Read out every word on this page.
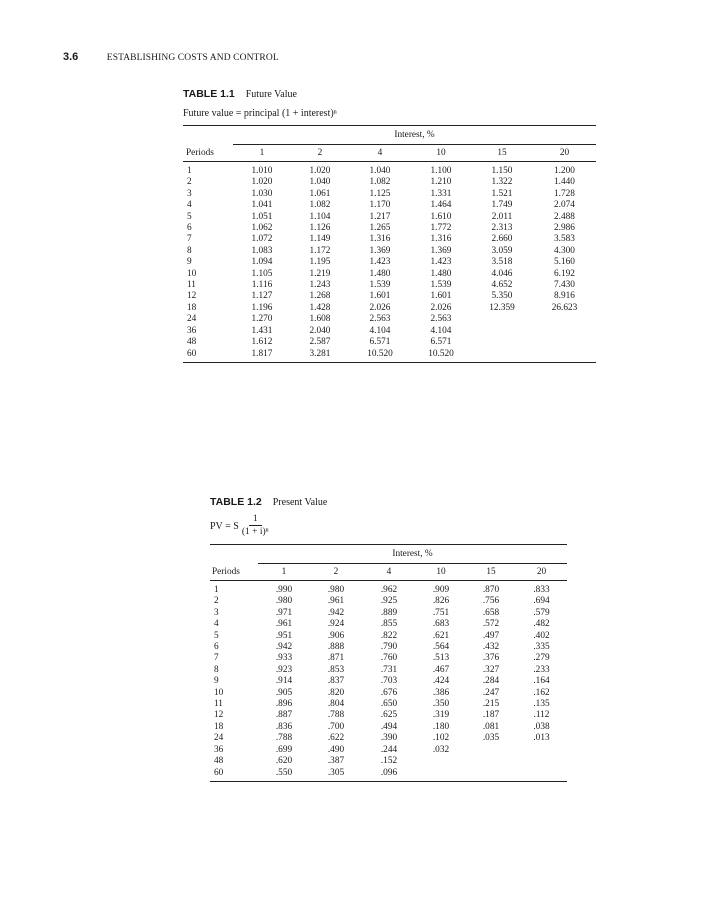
3.6	ESTABLISHING COSTS AND CONTROL
TABLE 1.1 Future Value
Future value = principal (1 + interest)ⁿ
	Interest, %					
Periods	1	2	4	10	15	20
1	1.010	1.020	1.040	1.100	1.150	1.200
2	1.020	1.040	1.082	1.210	1.322	1.440
3	1.030	1.061	1.125	1.331	1.521	1.728
4	1.041	1.082	1.170	1.464	1.749	2.074
5	1.051	1.104	1.217	1.610	2.011	2.488
6	1.062	1.126	1.265	1.772	2.313	2.986
7	1.072	1.149	1.316	1.316	2.660	3.583
8	1.083	1.172	1.369	1.369	3.059	4.300
9	1.094	1.195	1.423	1.423	3.518	5.160
10	1.105	1.219	1.480	1.480	4.046	6.192
11	1.116	1.243	1.539	1.539	4.652	7.430
12	1.127	1.268	1.601	1.601	5.350	8.916
18	1.196	1.428	2.026	2.026	12.359	26.623
24	1.270	1.608	2.563	2.563		
36	1.431	2.040	4.104	4.104		
48	1.612	2.587	6.571	6.571		
60	1.817	3.281	10.520	10.520		
TABLE 1.2 Present Value
PV = S $\frac{1}{\text{(1 + i)ⁿ}}$
	Interest, %					
Periods	1	2	4	10	15	20
1	.990	.980	.962	.909	.870	.833
2	.980	.961	.925	.826	.756	.694
3	.971	.942	.889	.751	.658	.579
4	.961	.924	.855	.683	.572	.482
5	.951	.906	.822	.621	.497	.402
6	.942	.888	.790	.564	.432	.335
7	.933	.871	.760	.513	.376	.279
8	.923	.853	.731	.467	.327	.233
9	.914	.837	.703	.424	.284	.164
10	.905	.820	.676	.386	.247	.162
11	.896	.804	.650	.350	.215	.135
12	.887	.788	.625	.319	.187	.112
18	.836	.700	.494	.180	.081	.038
24	.788	.622	.390	.102	.035	.013
36	.699	.490	.244	.032		
48	.620	.387	.152			
60	.550	.305	.096			
